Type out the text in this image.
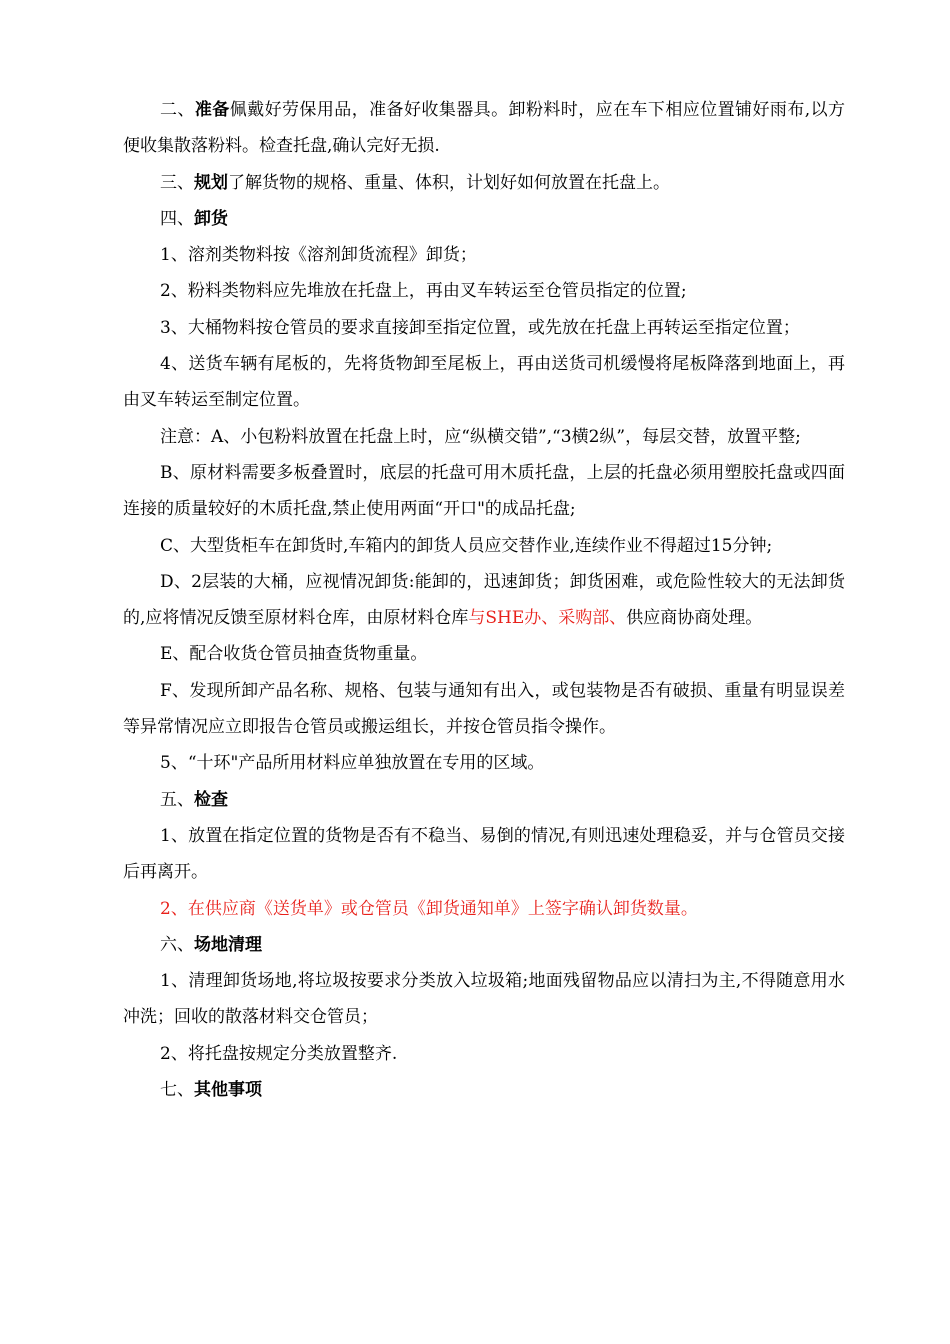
二、准备佩戴好劳保用品，准备好收集器具。卸粉料时，应在车下相应位置铺好雨布,以方便收集散落粉料。检查托盘,确认完好无损.

三、规划了解货物的规格、重量、体积，计划好如何放置在托盘上。

四、卸货

1、溶剂类物料按《溶剂卸货流程》卸货；

2、粉料类物料应先堆放在托盘上，再由叉车转运至仓管员指定的位置;

3、大桶物料按仓管员的要求直接卸至指定位置，或先放在托盘上再转运至指定位置；

4、送货车辆有尾板的，先将货物卸至尾板上，再由送货司机缓慢将尾板降落到地面上，再由叉车转运至制定位置。

注意：A、小包粉料放置在托盘上时，应“纵横交错”,“3横2纵”，每层交替，放置平整;

B、原材料需要多板叠置时，底层的托盘可用木质托盘，上层的托盘必须用塑胶托盘或四面连接的质量较好的木质托盘,禁止使用两面“开口"的成品托盘;

C、大型货柜车在卸货时,车箱内的卸货人员应交替作业,连续作业不得超过15分钟;

D、2层装的大桶，应视情况卸货:能卸的，迅速卸货；卸货困难，或危险性较大的无法卸货的,应将情况反馈至原材料仓库，由原材料仓库与SHE办、采购部、供应商协商处理。

E、配合收货仓管员抽查货物重量。

F、发现所卸产品名称、规格、包装与通知有出入，或包装物是否有破损、重量有明显误差等异常情况应立即报告仓管员或搬运组长，并按仓管员指令操作。

5、“十环"产品所用材料应单独放置在专用的区域。

五、检查

1、放置在指定位置的货物是否有不稳当、易倒的情况,有则迅速处理稳妥，并与仓管员交接后再离开。

2、在供应商《送货单》或仓管员《卸货通知单》上签字确认卸货数量。

六、场地清理

1、清理卸货场地,将垃圾按要求分类放入垃圾箱;地面残留物品应以清扫为主,不得随意用水冲洗；回收的散落材料交仓管员；

2、将托盘按规定分类放置整齐.

七、其他事项
